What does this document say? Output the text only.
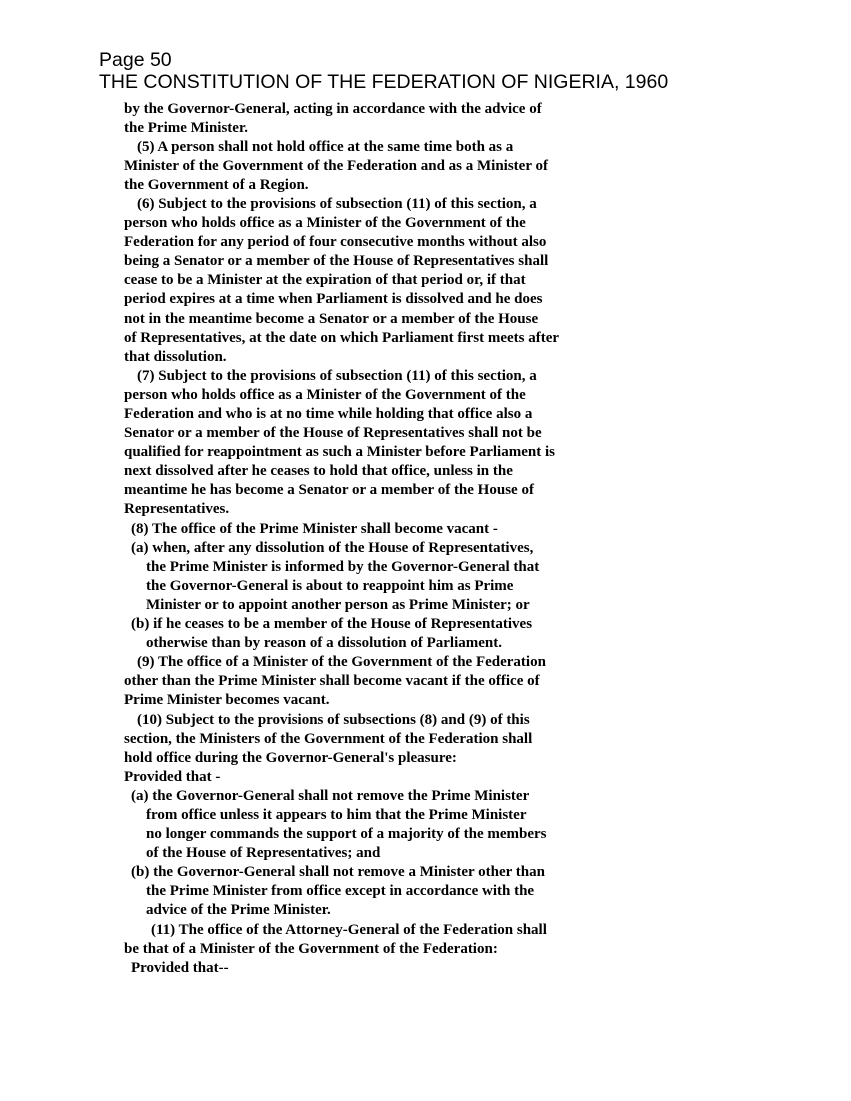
Page 50

THE CONSTITUTION OF THE FEDERATION OF NIGERIA, 1960

by the Governor-General, acting in accordance with the advice of
the Prime Minister.
(5) A person shall not hold office at the same time both as a
Minister of the Government of the Federation and as a Minister of
the Government of a Region.
(6) Subject to the provisions of subsection (11) of this section, a
person who holds office as a Minister of the Government of the
Federation for any period of four consecutive months without also
being a Senator or a member of the House of Representatives shall
cease to be a Minister at the expiration of that period or, if that
period expires at a time when Parliament is dissolved and he does
not in the meantime become a Senator or a member of the House
of Representatives, at the date on which Parliament first meets after
that dissolution.
(7) Subject to the provisions of subsection (11) of this section, a
person who holds office as a Minister of the Government of the
Federation and who is at no time while holding that office also a
Senator or a member of the House of Representatives shall not be
qualified for reappointment as such a Minister before Parliament is
next dissolved after he ceases to hold that office, unless in the
meantime he has become a Senator or a member of the House of
Representatives.
(8) The office of the Prime Minister shall become vacant -
(a) when, after any dissolution of the House of Representatives,
the Prime Minister is informed by the Governor-General that
the Governor-General is about to reappoint him as Prime
Minister or to appoint another person as Prime Minister; or
(b) if he ceases to be a member of the House of Representatives
otherwise than by reason of a dissolution of Parliament.
(9) The office of a Minister of the Government of the Federation
other than the Prime Minister shall become vacant if the office of
Prime Minister becomes vacant.
(10) Subject to the provisions of subsections (8) and (9) of this
section, the Ministers of the Government of the Federation shall
hold office during the Governor-General's pleasure:
Provided that -
(a) the Governor-General shall not remove the Prime Minister
from office unless it appears to him that the Prime Minister
no longer commands the support of a majority of the members
of the House of Representatives; and
(b) the Governor-General shall not remove a Minister other than
the Prime Minister from office except in accordance with the
advice of the Prime Minister.
(11) The office of the Attorney-General of the Federation shall
be that of a Minister of the Government of the Federation:
Provided that--
